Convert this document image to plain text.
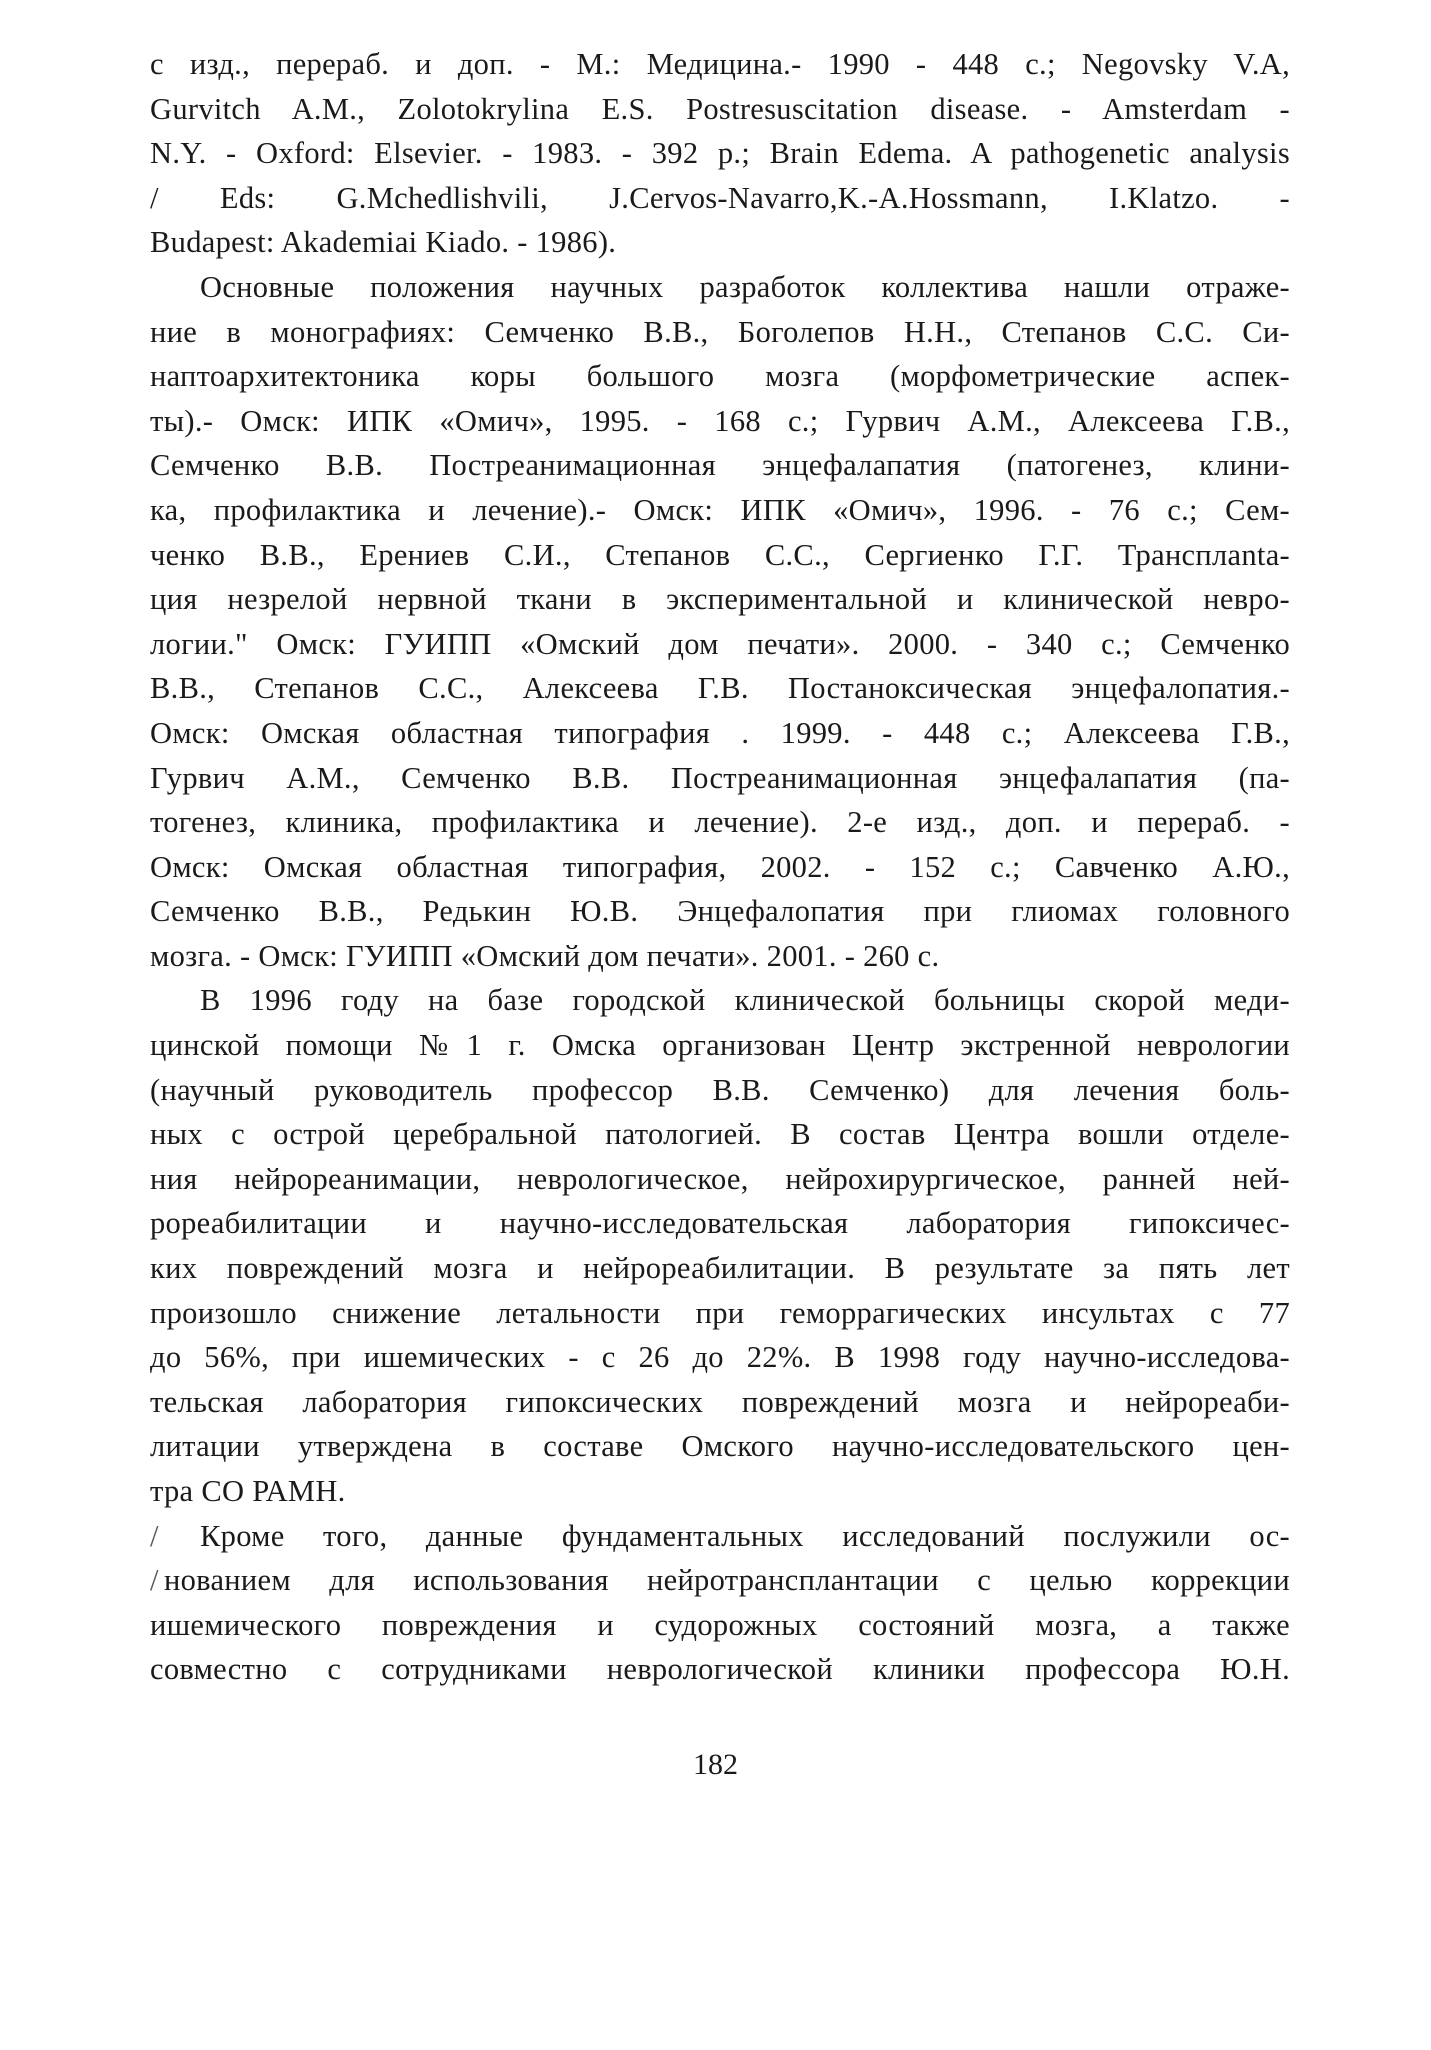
с изд., перераб. и доп. - М.: Медицина.- 1990 - 448 с.; Negovsky V.A,
Gurvitch A.M., Zolotokrylina E.S. Postresuscitation disease. - Amsterdam -
N.Y. - Oxford: Elsevier. - 1983. - 392 p.; Brain Edema. A pathogenetic analysis
/ Eds: G.Mchedlishvili, J.Cervos-Navarro,K.-A.Hossmann, I.Klatzo. -
Budapest: Akademiai Kiado. - 1986).
Основные положения научных разработок коллектива нашли отраже-
ние в монографиях: Семченко В.В., Боголепов Н.Н., Степанов С.С. Си-
наптоархитектоника коры большого мозга (морфометрические аспек-
ты).- Омск: ИПК «Омич», 1995. - 168 с.; Гурвич А.М., Алексеева Г.В.,
Семченко В.В. Постреанимационная энцефалапатия (патогенез, клини-
ка, профилактика и лечение).- Омск: ИПК «Омич», 1996. - 76 с.; Сем-
ченко В.В., Ерениев С.И., Степанов С.С., Сергиенко Г.Г. Трансплanta-
ция незрелой нервной ткани в экспериментальной и клинической невро-
логии." Омск: ГУИПП «Омский дом печати». 2000. - 340 с.; Семченко
В.В., Степанов С.С., Алексеева Г.В. Постаноксическая энцефалопатия.-
Омск: Омская областная типография . 1999. - 448 с.; Алексеева Г.В.,
Гурвич А.М., Семченко В.В. Постреанимационная энцефалапатия (па-
тогенез, клиника, профилактика и лечение). 2-е изд., доп. и перераб. -
Омск: Омская областная типография, 2002. - 152 с.; Савченко А.Ю.,
Семченко В.В., Редькин Ю.В. Энцефалопатия при глиомах головного
мозга. - Омск: ГУИПП «Омский дом печати». 2001. - 260 с.
В 1996 году на базе городской клинической больницы скорой меди-
цинской помощи №1 г. Омска организован Центр экстренной неврологии
(научный руководитель профессор В.В. Семченко) для лечения боль-
ных с острой церебральной патологией. В состав Центра вошли отделе-
ния нейрореанимации, неврологическое, нейрохирургическое, ранней ней-
рореабилитации и научно-исследовательская лаборатория гипоксичес-
ких повреждений мозга и нейрореабилитации. В результате за пять лет
произошло снижение летальности при геморрагических инсультах с 77
до 56%, при ишемических - с 26 до 22%. В 1998 году научно-исследова-
тельская лаборатория гипоксических повреждений мозга и нейрореаби-
литации утверждена в составе Омского научно-исследовательского цен-
тра СО РАМН.
/ Кроме того, данные фундаментальных исследований послужили ос-
/ нованием для использования нейротрансплантации с целью коррекции
ишемического повреждения и судорожных состояний мозга, а также
совместно с сотрудниками неврологической клиники профессора Ю.Н.
182
